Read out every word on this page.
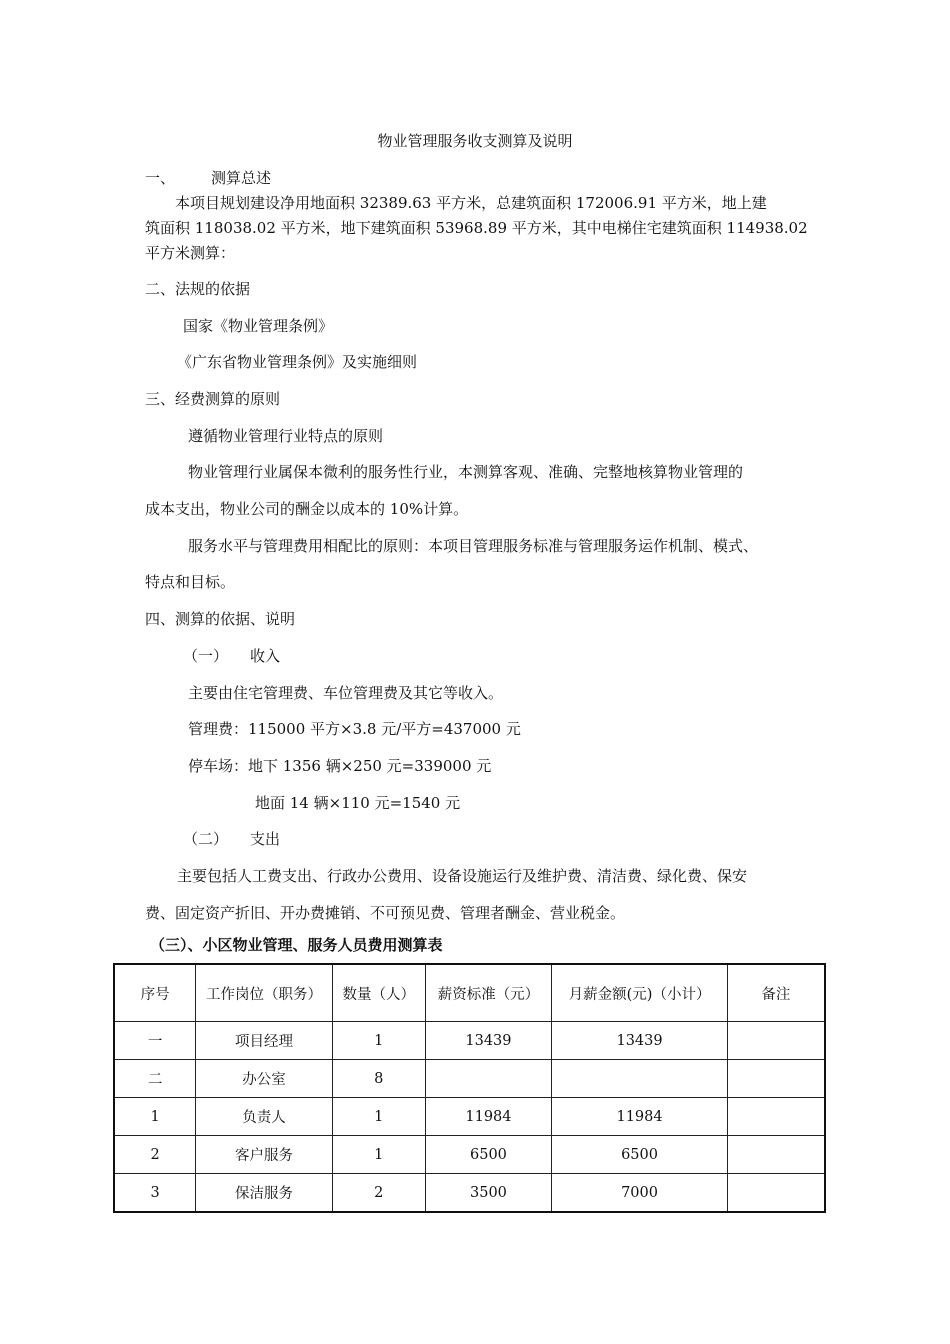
物业管理服务收支测算及说明
一、 测算总述
本项目规划建设净用地面积 32389.63 平方米，总建筑面积 172006.91 平方米，地上建
筑面积 118038.02 平方米，地下建筑面积 53968.89 平方米，其中电梯住宅建筑面积 114938.02
平方米测算：
二、法规的依据
国家《物业管理条例》
《广东省物业管理条例》及实施细则
三、经费测算的原则
遵循物业管理行业特点的原则
物业管理行业属保本微利的服务性行业，本测算客观、准确、完整地核算物业管理的
成本支出，物业公司的酬金以成本的 10%计算。
服务水平与管理费用相配比的原则：本项目管理服务标准与管理服务运作机制、模式、
特点和目标。
四、测算的依据、说明
（一） 收入
主要由住宅管理费、车位管理费及其它等收入。
管理费：115000 平方×3.8 元/平方=437000 元
停车场：地下 1356 辆×250 元=339000 元
地面 14 辆×110 元=1540 元
（二） 支出
主要包括人工费支出、行政办公费用、设备设施运行及维护费、清洁费、绿化费、保安
费、固定资产折旧、开办费摊销、不可预见费、管理者酬金、营业税金。
（三）、小区物业管理、服务人员费用测算表
序号	工作岗位（职务）	数量（人）	薪资标准（元）	月薪金额(元)（小计）	备注
一	项目经理	1	13439	13439	
二	办公室	8			
1	负责人	1	11984	11984	
2	客户服务	1	6500	6500	
3	保洁服务	2	3500	7000	
